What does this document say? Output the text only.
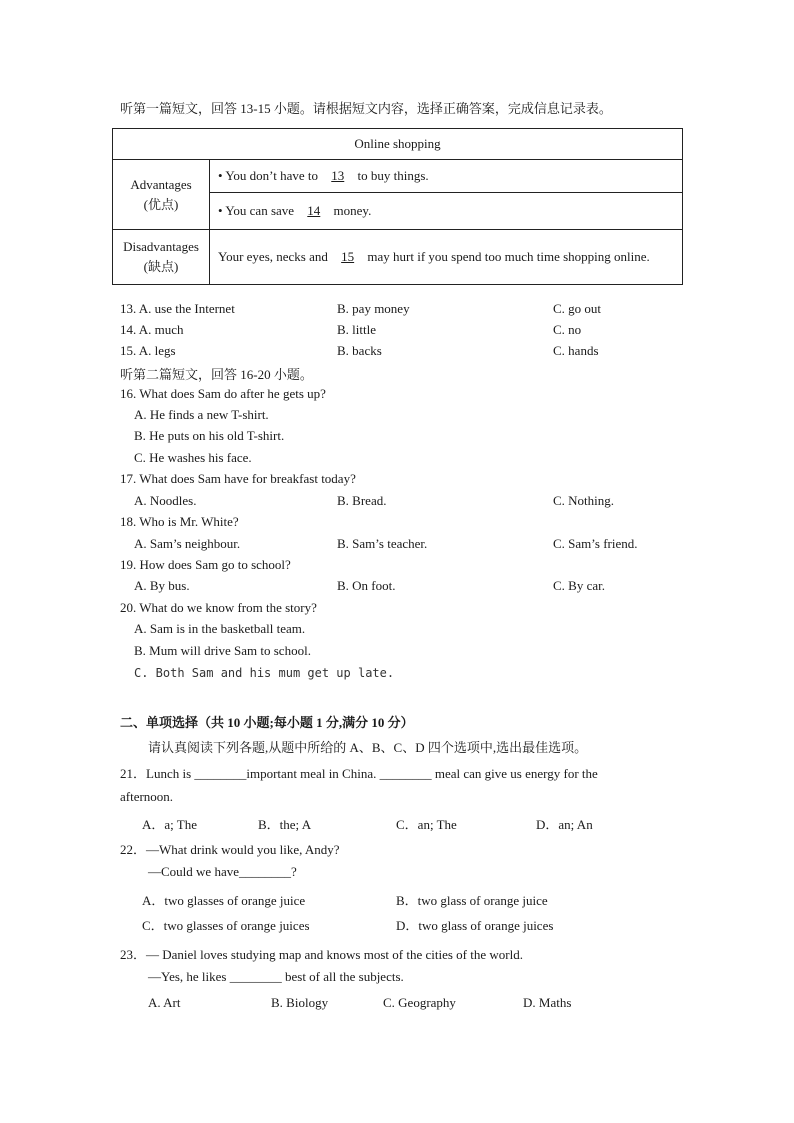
听第一篇短文，回答 13-15 小题。请根据短文内容，选择正确答案，完成信息记录表。
Online shopping	

Advantages
(优点)	• You don’t have to 13 to buy things.
	• You can save 14 money.

Disadvantages
(缺点)	Your eyes, necks and 15 may hurt if you spend too much time shopping online.
13. A. use the Internet	B. pay money	C. go out
14. A. much	B. little	C. no
15. A. legs	B. backs	C. hands
听第二篇短文，回答 16-20 小题。
16. What does Sam do after he gets up?
A. He finds a new T-shirt.
B. He puts on his old T-shirt.
C. He washes his face.
17. What does Sam have for breakfast today?
A. Noodles.	B. Bread.	C. Nothing.
18. Who is Mr. White?
A. Sam’s neighbour.	B. Sam’s teacher.	C. Sam’s friend.
19. How does Sam go to school?
A. By bus.	B. On foot.	C. By car.
20. What do we know from the story?
A. Sam is in the basketball team.
B. Mum will drive Sam to school.
C. Both Sam and his mum get up late.
二、单项选择（共 10 小题;每小题 1 分,满分 10 分）
请认真阅读下列各题,从题中所给的 A、B、C、D 四个选项中,选出最佳选项。
21．Lunch is ________important meal in China. ________ meal can give us energy for the
afternoon.
A．a; The	B．the; A	C．an; The	D．an; An
22．—What drink would you like, Andy?
—Could we have________?
A．two glasses of orange juice	B．two glass of orange juice
C．two glasses of orange juices	D．two glass of orange juices
23．— Daniel loves studying map and knows most of the cities of the world.
—Yes, he likes ________ best of all the subjects.
A. Art	B. Biology	C. Geography	D. Maths
